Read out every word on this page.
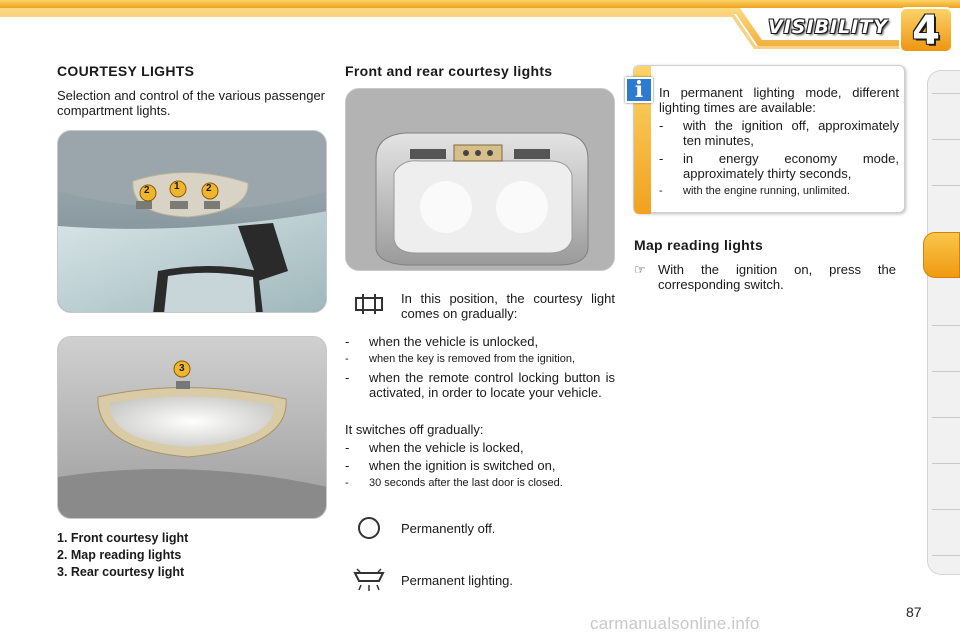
VISIBILITY 4
COURTESY LIGHTS
Selection and control of the various passenger compartment lights.
2 1	2
3
1. Front courtesy light
2. Map reading lights
3. Rear courtesy light
Front and rear courtesy lights
In this position, the courtesy light comes on gradually:
- when the vehicle is unlocked,
- when the key is removed from the ignition,
- when the remote control locking button is activated, in order to locate your vehicle.
It switches off gradually:
- when the vehicle is locked,
- when the ignition is switched on,
- 30 seconds after the last door is closed.
Permanently off.
Permanent lighting.
In permanent lighting mode, different lighting times are available:
- with the ignition off, approximately ten minutes,
- in energy economy mode, approximately thirty seconds,
- with the engine running, unlimited.
i
Map reading lights
☞ With the ignition on, press the corresponding switch.
87
carmanualsonline.info
